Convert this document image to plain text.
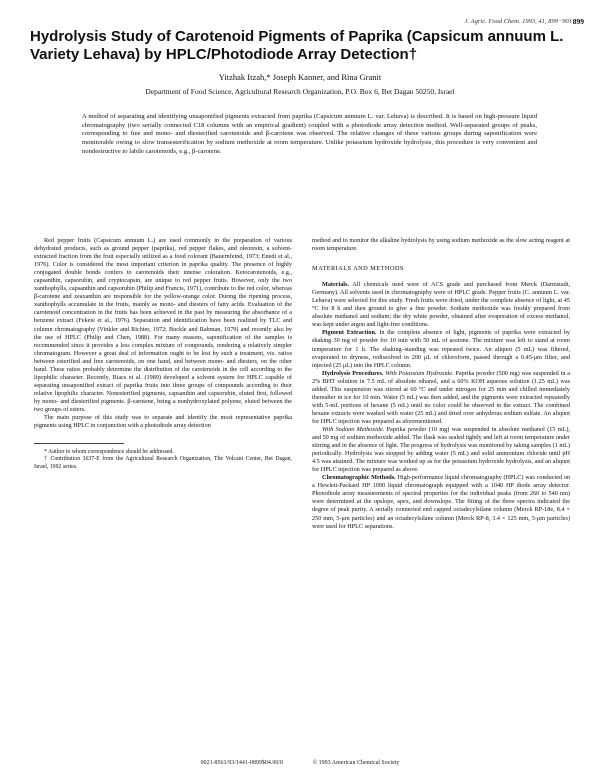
J. Agric. Food Chem. 1993, 41, 899−901 899
Hydrolysis Study of Carotenoid Pigments of Paprika (Capsicum annuum L. Variety Lehava) by HPLC/Photodiode Array Detection†

Yitzhak Itzah,* Joseph Kanner, and Rina Granit

Department of Food Science, Agricultural Research Organization, P.O. Box 6, Bet Dagan 50250, Israel

A method of separating and identifying unsaponified pigments extracted from paprika (Capsicum annuum L. var. Lehava) is described. It is based on high-pressure liquid chromatography (two serially connected C18 columns with an empirical gradient) coupled with a photodiode array detection method. Well-separated groups of peaks, corresponding to free and mono- and diesterified carotenoids and β-carotene was observed. The relative changes of these various groups during saponification were monitorable owing to slow transesterification by sodium methoxide at room temperature. Unlike potassium hydroxide hydrolysis, this procedure is very convenient and nondestructive to labile carotenoids, e.g., β-carotene.

Red pepper fruits (Capsicum annuum L.) are used commonly in the preparation of various dehydrated products, such as ground pepper (paprika), red pepper flakes, and oleoresin, a solvent-extracted fraction from the fruit especially utilized as a food colorant (Bauernfeind, 1973; Enedi et al., 1976). Color is considered the most important criterion in paprika quality. The presence of highly conjugated double bonds confers to carotenoids their intense coloration. Ketocarotenoids, e.g., capsanthin, capsorubin, and cryptocapsin, are unique to red pepper fruits. However, only the two xanthophylls, capsanthin and capsorubin (Philip and Francis, 1971), contribute to the red color, whereas β-carotene and zeaxanthin are responsible for the yellow-orange color. During the ripening process, xanthophylls accumulate in the fruits, mainly as mono- and diesters of fatty acids. Evaluation of the carotenoid concentration in the fruits has been achieved in the past by measuring the absorbance of a benzene extract (Fekete et al., 1976). Separation and identification have been realized by TLC and column chromatography (Vinkler and Richter, 1972; Buckle and Rahman, 1979) and recently also by the use of HPLC (Philip and Chen, 1988). For many reasons, saponification of the samples is recommended since it provides a less complex mixture of compounds, rendering a relatively simpler chromatogram. However a great deal of information ought to be lost by such a treatment, viz. ratios between esterified and free carotenoids, on one hand, and between mono- and diesters, on the other hand. These ratios probably determine the distribution of the carotenoids in the cell according to the lipophilic character. Recently, Biacs et al. (1989) developed a solvent system for HPLC capable of separating unsaponified extract of paprika fruits into three groups of compounds according to their relative lipophilic character. Nonesterified pigments, capsanthin and capsorubin, eluted first, followed by mono- and diesterified pigments. β-carotene, being a nonhydroxylated polyene, eluted between the two groups of esters.

The main purpose of this study was to separate and identify the most representative paprika pigments using HPLC in conjunction with a photodiode array detection

* Author to whom correspondence should be addressed.

† Contribution 3637-E from the Agricultural Research Organization, The Volcani Center, Bet Dagan, Israel, 1992 series.

method and to monitor the alkaline hydrolysis by using sodium methoxide as the slow acting reagent at room temperature.

MATERIALS AND METHODS

Materials. All chemicals used were of ACS grade and purchased from Merck (Darmstadt, Germany). All solvents used in chromatography were of HPLC grade. Pepper fruits (C. annuum L. var. Lehava) were selected for this study. Fresh fruits were dried, under the complete absence of light, at 45 °C for 8 h and then ground to give a fine powder. Sodium methoxide was freshly prepared from absolute methanol and sodium; the dry white powder, obtained after evaporation of excess methanol, was kept under argon and light-free conditions.

Pigment Extraction. In the complete absence of light, pigments of paprika were extracted by shaking 30 mg of powder for 10 min with 50 mL of acetone. The mixture was left to stand at room temperature for 1 h. The shaking–standing was repeated twice. An aliquot (5 mL) was filtered, evaporated to dryness, redissolved in 200 μL of chloroform, passed through a 0.45-μm filter, and injected (25 μL) into the HPLC column.

Hydrolysis Procedures. With Potassium Hydroxide. Paprika powder (500 mg) was suspended in a 2% BHT solution in 7.5 mL of absolute ethanol, and a 60% KOH aqueous solution (1.25 mL) was added. This suspension was stirred at 60 °C and under nitrogen for 25 min and chilled immediately thereafter in ice for 10 min. Water (5 mL) was then added, and the pigments were extracted repeatedly with 5-mL portions of hexane (5 mL) until no color could be observed in the extract. The combined hexane extracts were washed with water (25 mL) and dried over anhydrous sodium sulfate. An aliquot for HPLC injection was prepared as aforementioned.

With Sodium Methoxide. Paprika powder (10 mg) was suspended in absolute methanol (15 mL), and 50 mg of sodium methoxide added. The flask was sealed tightly and left at room temperature under stirring and in the absence of light. The progress of hydrolysis was monitored by taking samples (1 mL) periodically. Hydrolysis was stopped by adding water (5 mL) and solid ammonium chloride until pH 4.5 was attained. The mixture was worked up as for the potassium hydroxide hydrolysis, and an aliquot for HPLC injection was prepared as above.

Chromatographic Methods. High-performance liquid chromatography (HPLC) was conducted on a Hewlett-Packard HP 1090 liquid chromatograph equipped with a 1040 HP diode array detector. Photodiode array measurements of spectral properties for the individual peaks (from 260 to 540 nm) were determined at the upslope, apex, and downslope. The fitting of the three spectra indicated the degree of peak purity. A serially connected end capped octadecylsilane column (Merck RP-18e, 8.4 × 250 mm, 5-μm particles) and an octadecylsilane column (Merck RP-8, 3.4 × 125 mm, 5-μm particles) were used for HPLC separations.

0021-8561/93/1441-0899$04.00/0	© 1993 American Chemical Society
